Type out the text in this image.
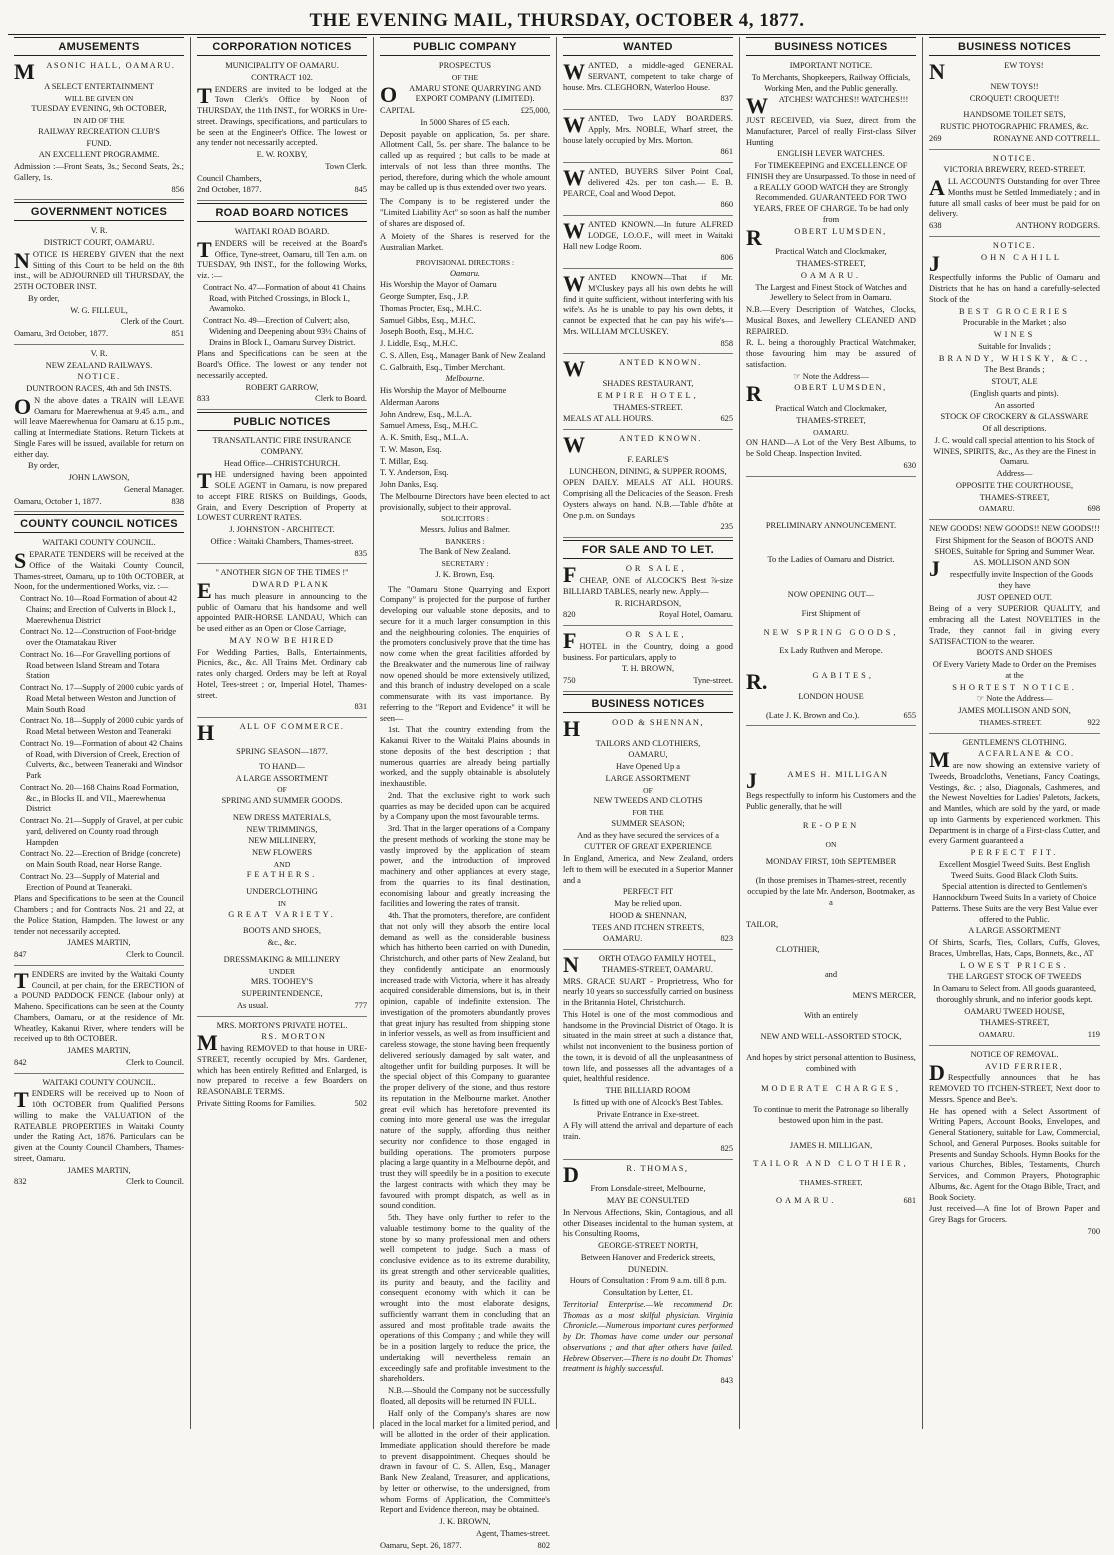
THE EVENING MAIL, THURSDAY, OCTOBER 4, 1877.
AMUSEMENTS

M ASONIC HALL, OAMARU.

A SELECT ENTERTAINMENT

WILL BE GIVEN ON

TUESDAY EVENING, 9th OCTOBER,

IN AID OF THE

RAILWAY RECREATION CLUB'S

FUND.

AN EXCELLENT PROGRAMME.

Admission :—Front Seats, 3s.; Second Seats, 2s.; Gallery, 1s.

856

GOVERNMENT NOTICES

V. R.

DISTRICT COURT, OAMARU.

NOTICE IS HEREBY GIVEN that the next Sitting of this Court to be held on the 8th inst., will be ADJOURNED till THURSDAY, the 25TH OCTOBER INST.

By order,

W. G. FILLEUL,

Clerk of the Court.

Oamaru, 3rd October, 1877.	851

V. R.

NEW ZEALAND RAILWAYS.

NOTICE.

DUNTROON RACES, 4th and 5th INSTS.

O N the above dates a TRAIN will LEAVE Oamaru for Maerewhenua at 9.45 a.m., and will leave Maerewhenua for Oamaru at 6.15 p.m., calling at Intermediate Stations. Return Tickets at Single Fares will be issued, available for return on either day.

By order,

JOHN LAWSON,

General Manager.

Oamaru, October 1, 1877.	838

COUNTY COUNCIL NOTICES

WAITAKI COUNTY COUNCIL.

SEPARATE TENDERS will be received at the Office of the Waitaki County Council, Thames-street, Oamaru, up to 10th OCTOBER, at Noon, for the undermentioned Works, viz. :—

Contract No. 10—Road Formation of about 42 Chains; and Erection of Culverts in Block I., Maerewhenua District

Contract No. 12—Construction of Foot-bridge over the Otamatakau River

Contract No. 16—For Gravelling portions of Road between Island Stream and Totara Station

Contract No. 17—Supply of 2000 cubic yards of Road Metal between Weston and Junction of Main South Road

Contract No. 18—Supply of 2000 cubic yards of Road Metal between Weston and Teaneraki

Contract No. 19—Formation of about 42 Chains of Road, with Diversion of Creek, Erection of Culverts, &c., between Teaneraki and Windsor Park

Contract No. 20—168 Chains Road Formation, &c., in Blocks II. and VII., Maerewhenua District

Contract No. 21—Supply of Gravel, at per cubic yard, delivered on County road through Hampden

Contract No. 22—Erection of Bridge (concrete) on Main South Road, near Horse Range.

Contract No. 23—Supply of Material and Erection of Pound at Teaneraki.

Plans and Specifications to be seen at the Council Chambers ; and for Contracts Nos. 21 and 22, at the Police Station, Hampden. The lowest or any tender not necessarily accepted.

JAMES MARTIN,

847	Clerk to Council.

TENDERS are invited by the Waitaki County Council, at per chain, for the ERECTION of a POUND PADDOCK FENCE (labour only) at Maheno. Specifications can be seen at the County Chambers, Oamaru, or at the residence of Mr. Wheatley, Kakanui River, where tenders will be received up to 8th OCTOBER.

JAMES MARTIN,

842	Clerk to Council.

WAITAKI COUNTY COUNCIL.

TENDERS will be received up to Noon of 10th OCTOBER from Qualified Persons willing to make the VALUATION of the RATEABLE PROPERTIES in Waitaki County under the Rating Act, 1876. Particulars can be given at the County Council Chambers, Thames-street, Oamaru.

JAMES MARTIN,

832	Clerk to Council.

CORPORATION NOTICES

MUNICIPALITY OF OAMARU.

CONTRACT 102.

TENDERS are invited to be lodged at the Town Clerk's Office by Noon of THURSDAY, the 11th INST., for WORKS in Ure-street. Drawings, specifications, and particulars to be seen at the Engineer's Office. The lowest or any tender not necessarily accepted.

E. W. ROXBY,

Town Clerk.

Council Chambers,

2nd October, 1877.	845

ROAD BOARD NOTICES

WAITAKI ROAD BOARD.

TENDERS will be received at the Board's Office, Tyne-street, Oamaru, till Ten a.m. on TUESDAY, 9th INST., for the following Works, viz. :—

Contract No. 47—Formation of about 41 Chains Road, with Pitched Crossings, in Block I., Awamoko.

Contract No. 49—Erection of Culvert; also, Widening and Deepening about 93½ Chains of Drains in Block I., Oamaru Survey District.

Plans and Specifications can be seen at the Board's Office. The lowest or any tender not necessarily accepted.

ROBERT GARROW,

833	Clerk to Board.

PUBLIC NOTICES

TRANSATLANTIC FIRE INSURANCE COMPANY.

Head Office—CHRISTCHURCH.

THE undersigned having been appointed SOLE AGENT in Oamaru, is now prepared to accept FIRE RISKS on Buildings, Goods, Grain, and Every Description of Property at LOWEST CURRENT RATES.

J. JOHNSTON - ARCHITECT.

Office : Waitaki Chambers, Thames-street.

835

" ANOTHER SIGN OF THE TIMES !"

E	DWARD PLANK

has much pleasure in announcing to the public of Oamaru that his handsome and well appointed PAIR-HORSE LANDAU, Which can be used either as an Open or Close Carriage,

MAY NOW BE HIRED

For Wedding Parties, Balls, Entertainments, Picnics, &c., &c. All Trains Met. Ordinary cab rates only charged. Orders may be left at Royal Hotel, Tees-street ; or, Imperial Hotel, Thames-street.

831

H	ALL OF COMMERCE.

SPRING SEASON—1877.

TO HAND—

A LARGE ASSORTMENT

OF

SPRING AND SUMMER GOODS.

NEW DRESS MATERIALS,

NEW TRIMMINGS,

NEW MILLINERY,

NEW FLOWERS

AND

FEATHERS.

UNDERCLOTHING

IN

GREAT VARIETY.

BOOTS AND SHOES,

&c., &c.

DRESSMAKING & MILLINERY

UNDER

MRS. TOOHEY'S

SUPERINTENDENCE,

As usual.	777

MRS. MORTON'S PRIVATE HOTEL.

M	RS. MORTON

having REMOVED to that house in URE-STREET, recently occupied by Mrs. Gardener, which has been entirely Refitted and Enlarged, is now prepared to receive a few Boarders on REASONABLE TERMS.

Private Sitting Rooms for Families.	502

PUBLIC COMPANY

PROSPECTUS

OF THE

O AMARU STONE QUARRYING AND EXPORT COMPANY (LIMITED).

CAPITAL	£25,000,

In 5000 Shares of £5 each.

Deposit payable on application, 5s. per share. Allotment Call, 5s. per share. The balance to be called up as required ; but calls to be made at intervals of not less than three months. The period, therefore, during which the whole amount may be called up is thus extended over two years.

The Company is to be registered under the "Limited Liability Act" so soon as half the number of shares are disposed of.

A Moiety of the Shares is reserved for the Australian Market.

PROVISIONAL DIRECTORS :

Oamaru.

His Worship the Mayor of Oamaru

George Sumpter, Esq., J.P.

Thomas Procter, Esq., M.H.C.

Samuel Gibbs, Esq., M.H.C.

Joseph Booth, Esq., M.H.C.

J. Liddle, Esq., M.H.C.

C. S. Allen, Esq., Manager Bank of New Zealand

C. Galbraith, Esq., Timber Merchant.

Melbourne.

His Worship the Mayor of Melbourne

Alderman Aarons

John Andrew, Esq., M.L.A.

Samuel Amess, Esq., M.H.C.

A. K. Smith, Esq., M.L.A.

T. W. Mason, Esq.

T. Millar, Esq.

T. Y. Anderson, Esq.

John Danks, Esq.

The Melbourne Directors have been elected to act provisionally, subject to their approval.

SOLICITORS :

Messrs. Julius and Balmer.

BANKERS :

The Bank of New Zealand.

SECRETARY :

J. K. Brown, Esq.

The "Oamaru Stone Quarrying and Export Company" is projected for the purpose of further developing our valuable stone deposits, and to secure for it a much larger consumption in this and the neighbouring colonies. The enquiries of the promoters conclusively prove that the time has now come when the great facilities afforded by the Breakwater and the numerous line of railway now opened should be more extensively utilized, and this branch of industry developed on a scale commensurate with its vast importance. By referring to the "Report and Evidence" it will be seen—

1st. That the country extending from the Kakanui River to the Waitaki Plains abounds in stone deposits of the best description ; that numerous quarries are already being partially worked, and the supply obtainable is absolutely inexhaustible.

2nd. That the exclusive right to work such quarries as may be decided upon can be acquired by a Company upon the most favourable terms.

3rd. That in the larger operations of a Company the present methods of working the stone may be vastly improved by the application of steam power, and the introduction of improved machinery and other appliances at every stage, from the quarries to its final destination, economising labour and greatly increasing the facilities and lowering the rates of transit.

4th. That the promoters, therefore, are confident that not only will they absorb the entire local demand as well as the considerable business which has hitherto been carried on with Dunedin, Christchurch, and other parts of New Zealand, but they confidently anticipate an enormously increased trade with Victoria, where it has already acquired considerable dimensions, but is, in their opinion, capable of indefinite extension. The investigation of the promoters abundantly proves that great injury has resulted from shipping stone in inferior vessels, as well as from insufficient and careless stowage, the stone having been frequently delivered seriously damaged by salt water, and altogether unfit for building purposes. It will be the special object of this Company to guarantee the proper delivery of the stone, and thus restore its reputation in the Melbourne market. Another great evil which has heretofore prevented its coming into more general use was the irregular nature of the supply, affording thus neither security nor confidence to those engaged in building operations. The promoters purpose placing a large quantity in a Melbourne depôt, and trust they will speedily be in a position to execute the largest contracts with which they may be favoured with prompt dispatch, as well as in sound condition.

5th. They have only further to refer to the valuable testimony borne to the quality of the stone by so many professional men and others well competent to judge. Such a mass of conclusive evidence as to its extreme durability, its great strength and other serviceable qualities, its purity and beauty, and the facility and consequent economy with which it can be wrought into the most elaborate designs, sufficiently warrant them in concluding that an assured and most profitable trade awaits the operations of this Company ; and while they will be in a position largely to reduce the price, the undertaking will nevertheless remain an exceedingly safe and profitable investment to the shareholders.

N.B.—Should the Company not be successfully floated, all deposits will be returned IN FULL.

Half only of the Company's shares are now placed in the local market for a limited period, and will be allotted in the order of their application. Immediate application should therefore be made to prevent disappointment. Cheques should be drawn in favour of C. S. Allen, Esq., Manager Bank New Zealand, Treasurer, and applications, by letter or otherwise, to the undersigned, from whom Forms of Application, the Committee's Report and Evidence thereon, may be obtained.

J. K. BROWN,

Agent, Thames-street.

Oamaru, Sept. 26, 1877.	802

WANTED

WANTED, a middle-aged GENERAL SERVANT, competent to take charge of house. Mrs. CLEGHORN, Waterloo House.

837

WANTED, Two LADY BOARDERS. Apply, Mrs. NOBLE, Wharf street, the house lately occupied by Mrs. Morton.

861

WANTED, BUYERS Silver Point Coal, delivered 42s. per ton cash.— E. B. PEARCE, Coal and Wood Depot.

860

WANTED KNOWN.—In future ALFRED LODGE, I.O.O.F., will meet in Waitaki Hall new Lodge Room.

806

WANTED KNOWN—That if Mr. M'Cluskey pays all his own debts he will find it quite sufficient, without interfering with his wife's. As he is unable to pay his own debts, it cannot be expected that he can pay his wife's—Mrs. WILLIAM M'CLUSKEY.

858

W	ANTED KNOWN.

SHADES RESTAURANT,

EMPIRE HOTEL,

THAMES-STREET.

MEALS AT ALL HOURS.	625

W	ANTED KNOWN.

F. EARLE'S

LUNCHEON, DINING, & SUPPER ROOMS,

OPEN DAILY. MEALS AT ALL HOURS. Comprising all the Delicacies of the Season. Fresh Oysters always on hand. N.B.—Table d'hôte at One p.m. on Sundays

235

FOR SALE AND TO LET.

F	OR SALE,

CHEAP, ONE of ALCOCK'S Best ⅞-size BILLIARD TABLES, nearly new. Apply—

R. RICHARDSON,

820	Royal Hotel, Oamaru.

F	OR SALE,

HOTEL in the Country, doing a good business. For particulars, apply to

T. H. BROWN,

750	Tyne-street.

BUSINESS NOTICES

H	OOD & SHENNAN,

TAILORS AND CLOTHIERS,

OAMARU,

Have Opened Up a

LARGE ASSORTMENT

OF

NEW TWEEDS AND CLOTHS

FOR THE

SUMMER SEASON;

And as they have secured the services of a

CUTTER OF GREAT EXPERIENCE

In England, America, and New Zealand, orders left to them will be executed in a Superior Manner and a

PERFECT FIT

May be relied upon.

HOOD & SHENNAN,

TEES AND ITCHEN STREETS,

OAMARU.	823

N ORTH OTAGO FAMILY HOTEL, THAMES-STREET, OAMARU.

MRS. GRACE SUART - Proprietress, Who for nearly 10 years so successfully carried on business in the Britannia Hotel, Christchurch.

This Hotel is one of the most commodious and handsome in the Provincial District of Otago. It is situated in the main street at such a distance that, whilst not inconvenient to the business portion of the town, it is devoid of all the unpleasantness of town life, and possesses all the advantages of a quiet, healthful residence.

THE BILLIARD ROOM

Is fitted up with one of Alcock's Best Tables.

Private Entrance in Exe-street.

A Fly will attend the arrival and departure of each train.

825

D	R. THOMAS,

From Lonsdale-street, Melbourne,

MAY BE CONSULTED

In Nervous Affections, Skin, Contagious, and all other Diseases incidental to the human system, at his Consulting Rooms,

GEORGE-STREET NORTH,

Between Hanover and Frederick streets,

DUNEDIN.

Hours of Consultation : From 9 a.m. till 8 p.m.

Consultation by Letter, £1.

Territorial Enterprise.—We recommend Dr. Thomas as a most skilful physician. Virginia Chronicle.—Numerous important cures performed by Dr. Thomas have come under our personal observations ; and that after others have failed. Hebrew Observer.—There is no doubt Dr. Thomas' treatment is highly successful.

843

BUSINESS NOTICES

IMPORTANT NOTICE.

To Merchants, Shopkeepers, Railway Officials, Working Men, and the Public generally.

W ATCHES! WATCHES!! WATCHES!!!

JUST RECEIVED, via Suez, direct from the Manufacturer, Parcel of really First-class Silver Hunting

ENGLISH LEVER WATCHES.

For TIMEKEEPING and EXCELLENCE OF FINISH they are Unsurpassed. To those in need of a REALLY GOOD WATCH they are Strongly Recommended. GUARANTEED FOR TWO YEARS, FREE OF CHARGE. To be had only from

R	OBERT LUMSDEN,

Practical Watch and Clockmaker,

THAMES-STREET,

OAMARU.

The Largest and Finest Stock of Watches and Jewellery to Select from in Oamaru.

N.B.—Every Description of Watches, Clocks, Musical Boxes, and Jewellery CLEANED AND REPAIRED.

R. L. being a thoroughly Practical Watchmaker, those favouring him may be assured of satisfaction.

☞ Note the Address—

R	OBERT LUMSDEN,

Practical Watch and Clockmaker,

THAMES-STREET,

OAMARU.

ON HAND—A Lot of the Very Best Albums, to be Sold Cheap. Inspection Invited.

630

PRELIMINARY ANNOUNCEMENT.

To the Ladies of Oamaru and District.

NOW OPENING OUT—

First Shipment of

NEW SPRING GOODS,

Ex Lady Ruthven and Merope.

R.	GABITES,

LONDON HOUSE

(Late J. K. Brown and Co.).	655

J	AMES H. MILLIGAN

Begs respectfully to inform his Customers and the Public generally, that he will

RE-OPEN

ON

MONDAY FIRST, 10th SEPTEMBER

(In those premises in Thames-street, recently occupied by the late Mr. Anderson, Bootmaker, as a

TAILOR,

CLOTHIER,

and

MEN'S MERCER,

With an entirely

NEW AND WELL-ASSORTED STOCK,

And hopes by strict personal attention to Business, combined with

MODERATE CHARGES,

To continue to merit the Patronage so liberally bestowed upon him in the past.

JAMES H. MILLIGAN,

TAILOR AND CLOTHIER,

THAMES-STREET,

OAMARU.	681

BUSINESS NOTICES

N	EW TOYS!

NEW TOYS!!

CROQUET! CROQUET!!

HANDSOME TOILET SETS,

RUSTIC PHOTOGRAPHIC FRAMES, &c.

269	RONAYNE AND COTTRELL.

NOTICE.

VICTORIA BREWERY, REED-STREET.

ALL ACCOUNTS Outstanding for over Three Months must be Settled Immediately ; and in future all small casks of beer must be paid for on delivery.

638	ANTHONY RODGERS.

NOTICE.

J	OHN CAHILL

Respectfully informs the Public of Oamaru and Districts that he has on hand a carefully-selected Stock of the

BEST GROCERIES

Procurable in the Market ; also

WINES

Suitable for Invalids ;

BRANDY, WHISKY, &C.,

The Best Brands ;

STOUT, ALE

(English quarts and pints).

An assorted

STOCK OF CROCKERY & GLASSWARE

Of all descriptions.

J. C. would call special attention to his Stock of WINES, SPIRITS, &c., As they are the Finest in Oamaru.

Address—

OPPOSITE THE COURTHOUSE,

THAMES-STREET,

OAMARU.	698

NEW GOODS! NEW GOODS!! NEW GOODS!!!

First Shipment for the Season of BOOTS AND SHOES, Suitable for Spring and Summer Wear.

J	AS. MOLLISON AND SON

respectfully invite Inspection of the Goods they have

JUST OPENED OUT.

Being of a very SUPERIOR QUALITY, and embracing all the Latest NOVELTIES in the Trade, they cannot fail in giving every SATISFACTION to the wearer.

BOOTS AND SHOES

Of Every Variety Made to Order on the Premises at the

SHORTEST NOTICE.

☞ Note the Address—

JAMES MOLLISON AND SON,

THAMES-STREET.	922

GENTLEMEN'S CLOTHING.

M	ACFARLANE & CO.

are now showing an extensive variety of Tweeds, Broadcloths, Venetians, Fancy Coatings, Vestings, &c. ; also, Diagonals, Cashmeres, and the Newest Novelties for Ladies' Paletots, Jackets, and Mantles, which are sold by the yard, or made up into Garments by experienced workmen. This Department is in charge of a First-class Cutter, and every Garment guaranteed a

PERFECT FIT.

Excellent Mosgiel Tweed Suits. Best English Tweed Suits. Good Black Cloth Suits.

Special attention is directed to Gentlemen's Hannockburn Tweed Suits In a variety of Choice Patterns. These Suits are the very Best Value ever offered to the Public.

A LARGE ASSORTMENT

Of Shirts, Scarfs, Ties, Collars, Cuffs, Gloves, Braces, Umbrellas, Hats, Caps, Bonnets, &c., AT

LOWEST PRICES.

THE LARGEST STOCK OF TWEEDS

In Oamaru to Select from. All goods guaranteed, thoroughly shrunk, and no inferior goods kept.

OAMARU TWEED HOUSE,

THAMES-STREET,

OAMARU.	119

NOTICE OF REMOVAL.

D	AVID FERRIER,

Respectfully announces that he has REMOVED TO ITCHEN-STREET, Next door to Messrs. Spence and Bee's.

He has opened with a Select Assortment of Writing Papers, Account Books, Envelopes, and General Stationery, suitable for Law, Commercial, School, and General Purposes. Books suitable for Presents and Sunday Schools. Hymn Books for the various Churches, Bibles, Testaments, Church Services, and Common Prayers, Photographic Albums, &c. Agent for the Otago Bible, Tract, and Book Society.

Just received—A fine lot of Brown Paper and Grey Bags for Grocers.

700
